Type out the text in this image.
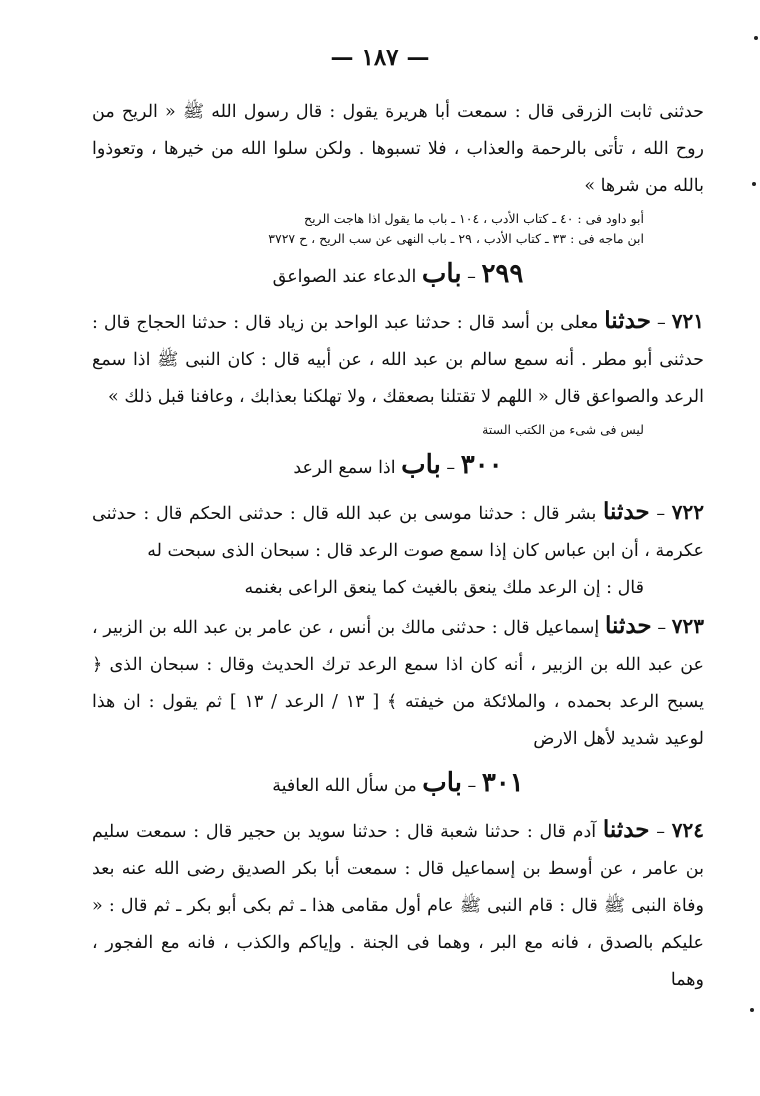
— ١٨٧ —

حدثنى ثابت الزرقى قال : سمعت أبا هريرة يقول : قال رسول الله ﷺ « الريح من روح الله ، تأتى بالرحمة والعذاب ، فلا تسبوها . ولكن سلوا الله من خيرها ، وتعوذوا بالله من شرها »

أبو داود فى : ٤٠ ـ كتاب الأدب ، ١٠٤ ـ باب ما يقول اذا هاجت الريح
ابن ماجه فى : ٣٣ ـ كتاب الأدب ، ٢٩ ـ باب النهى عن سب الريح ، ح ٣٧٢٧
٢٩٩ – باب الدعاء عند الصواعق

٧٢١ – حدثنا معلى بن أسد قال : حدثنا عبد الواحد بن زياد قال : حدثنا الحجاج قال : حدثنى أبو مطر . أنه سمع سالم بن عبد الله ، عن أبيه قال : كان النبى ﷺ اذا سمع الرعد والصواعق قال « اللهم لا تقتلنا بصعقك ، ولا تهلكنا بعذابك ، وعافنا قبل ذلك »

ليس فى شىء من الكتب الستة
٣٠٠ – باب اذا سمع الرعد

٧٢٢ – حدثنا بشر قال : حدثنا موسى بن عبد الله قال : حدثنى الحكم قال : حدثنى عكرمة ، أن ابن عباس كان إذا سمع صوت الرعد قال : سبحان الذى سبحت له

قال : إن الرعد ملك ينعق بالغيث كما ينعق الراعى بغنمه

٧٢٣ – حدثنا إسماعيل قال : حدثنى مالك بن أنس ، عن عامر بن عبد الله بن الزبير ، عن عبد الله بن الزبير ، أنه كان اذا سمع الرعد ترك الحديث وقال : سبحان الذى ﴿ يسبح الرعد بحمده ، والملائكة من خيفته ﴾ [ ١٣ / الرعد / ١٣ ] ثم يقول : ان هذا لوعيد شديد لأهل الارض

٣٠١ – باب من سأل الله العافية

٧٢٤ – حدثنا آدم قال : حدثنا شعبة قال : حدثنا سويد بن حجير قال : سمعت سليم بن عامر ، عن أوسط بن إسماعيل قال : سمعت أبا بكر الصديق رضى الله عنه بعد وفاة النبى ﷺ قال : قام النبى ﷺ عام أول مقامى هذا ـ ثم بكى أبو بكر ـ ثم قال : « عليكم بالصدق ، فانه مع البر ، وهما فى الجنة . وإياكم والكذب ، فانه مع الفجور ، وهما
